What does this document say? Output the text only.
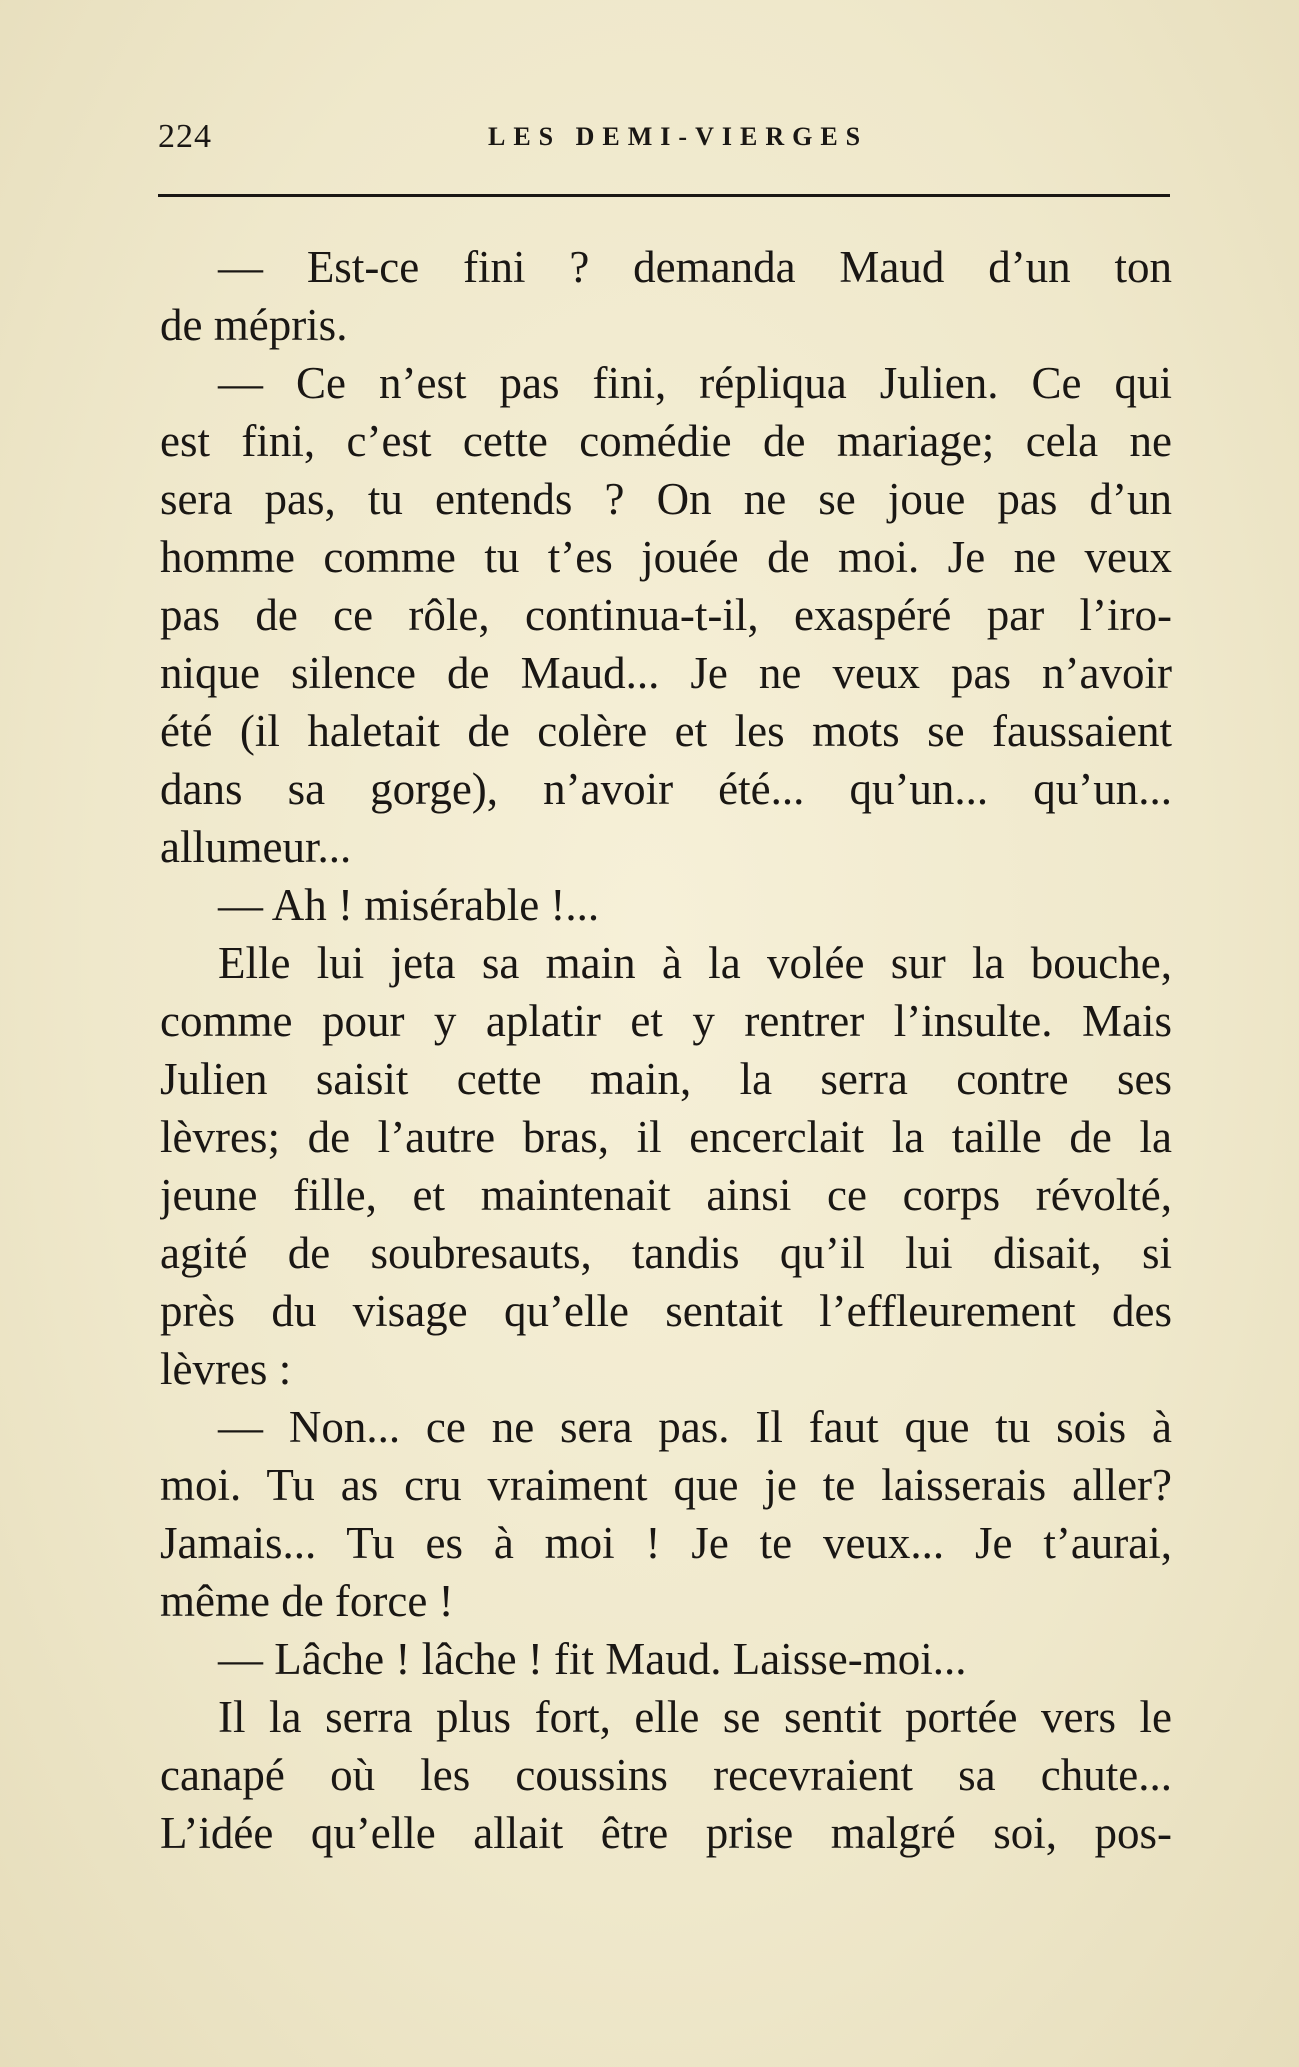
224	LES DEMI-VIERGES
— Est-ce fini ? demanda Maud d’un ton
de mépris.
— Ce n’est pas fini, répliqua Julien. Ce qui
est fini, c’est cette comédie de mariage; cela ne
sera pas, tu entends ? On ne se joue pas d’un
homme comme tu t’es jouée de moi. Je ne veux
pas de ce rôle, continua-t-il, exaspéré par l’iro-
nique silence de Maud... Je ne veux pas n’avoir
été (il haletait de colère et les mots se faussaient
dans sa gorge), n’avoir été... qu’un... qu’un...
allumeur...
— Ah ! misérable !...
Elle lui jeta sa main à la volée sur la bouche,
comme pour y aplatir et y rentrer l’insulte. Mais
Julien saisit cette main, la serra contre ses
lèvres; de l’autre bras, il encerclait la taille de la
jeune fille, et maintenait ainsi ce corps révolté,
agité de soubresauts, tandis qu’il lui disait, si
près du visage qu’elle sentait l’effleurement des
lèvres :
— Non... ce ne sera pas. Il faut que tu sois à
moi. Tu as cru vraiment que je te laisserais aller?
Jamais... Tu es à moi ! Je te veux... Je t’aurai,
même de force !
— Lâche ! lâche ! fit Maud. Laisse-moi...
Il la serra plus fort, elle se sentit portée vers le
canapé où les coussins recevraient sa chute...
L’idée qu’elle allait être prise malgré soi, pos-
